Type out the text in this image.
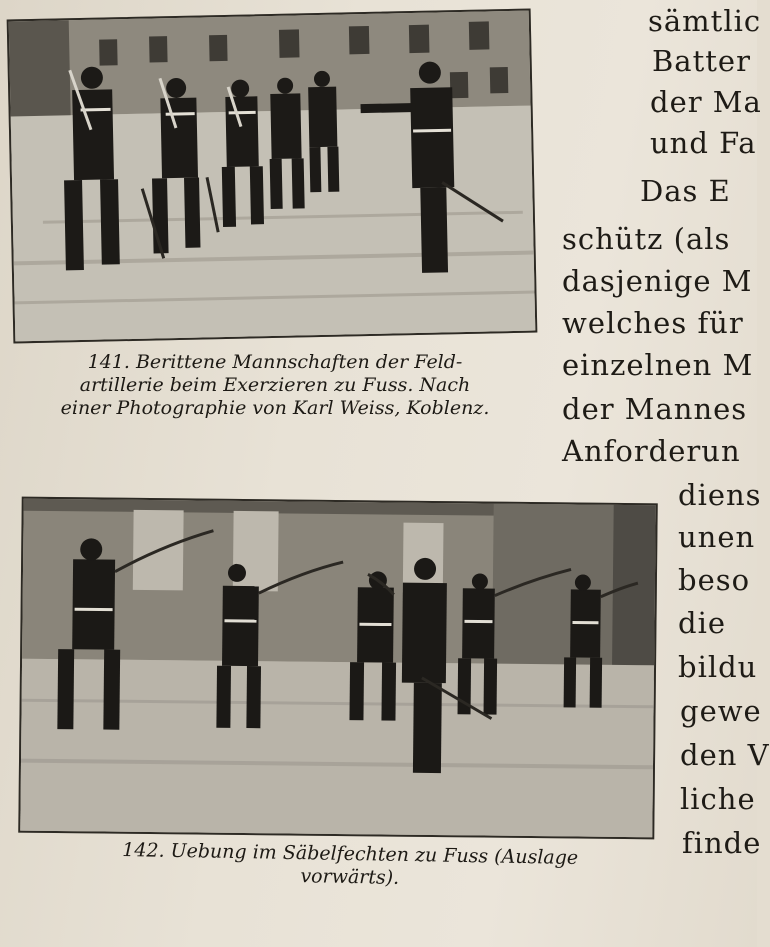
141. Berittene Mannschaften der Feld-
artillerie beim Exerzieren zu Fuss. Nach
einer Photographie von Karl Weiss, Koblenz.
142. Uebung im Säbelfechten zu Fuss (Auslage
vorwärts).
sämtlic
Batter
der Ma
und Fa
Das E
schütz (als
dasjenige M
welches für
einzelnen M
der Mannes
Anforderun
diens
unen
beso
die
bildu
gewe
den V
liche
finde
